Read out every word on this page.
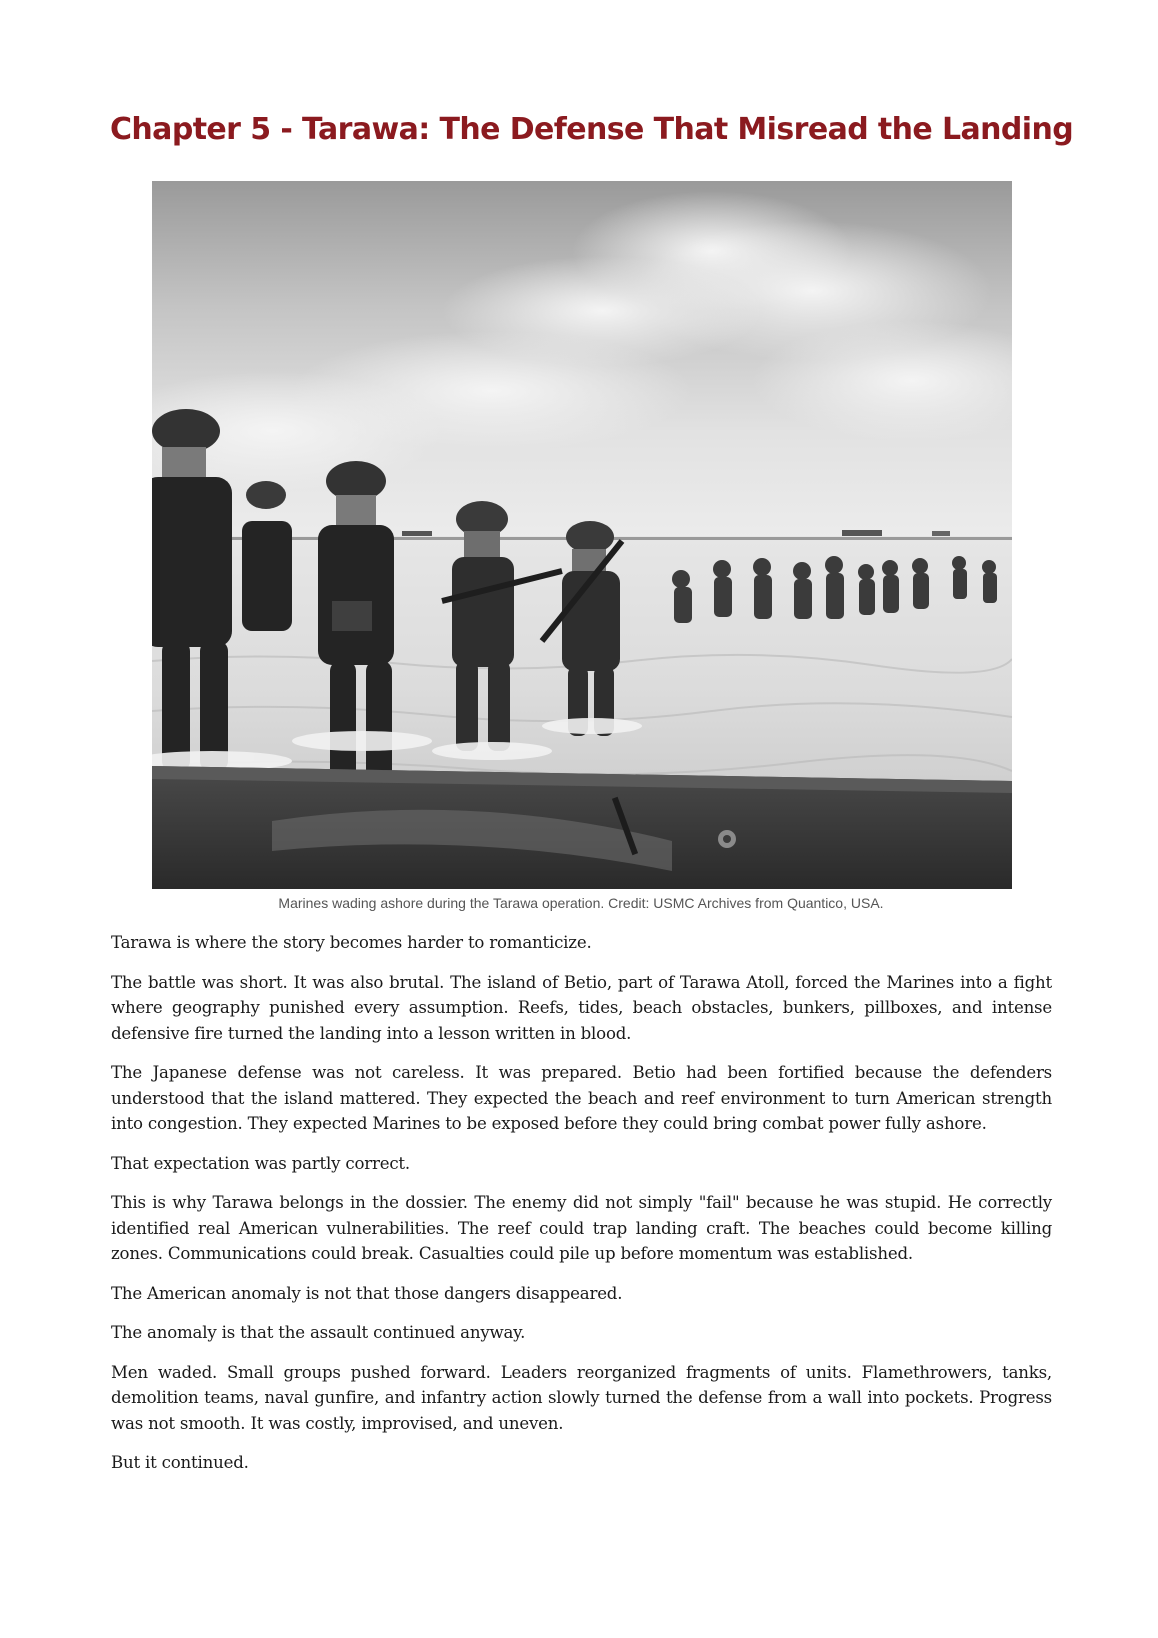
Chapter 5 - Tarawa: The Defense That Misread the Landing
Marines wading ashore during the Tarawa operation. Credit: USMC Archives from Quantico, USA.

Tarawa is where the story becomes harder to romanticize.

The battle was short. It was also brutal. The island of Betio, part of Tarawa Atoll, forced the Marines into a fight where geography punished every assumption. Reefs, tides, beach obstacles, bunkers, pillboxes, and intense defensive fire turned the landing into a lesson written in blood.

The Japanese defense was not careless. It was prepared. Betio had been fortified because the defenders understood that the island mattered. They expected the beach and reef environment to turn American strength into congestion. They expected Marines to be exposed before they could bring combat power fully ashore.

That expectation was partly correct.

This is why Tarawa belongs in the dossier. The enemy did not simply "fail" because he was stupid. He correctly identified real American vulnerabilities. The reef could trap landing craft. The beaches could become killing zones. Communications could break. Casualties could pile up before momentum was established.

The American anomaly is not that those dangers disappeared.

The anomaly is that the assault continued anyway.

Men waded. Small groups pushed forward. Leaders reorganized fragments of units. Flamethrowers, tanks, demolition teams, naval gunfire, and infantry action slowly turned the defense from a wall into pockets. Progress was not smooth. It was costly, improvised, and uneven.

But it continued.
